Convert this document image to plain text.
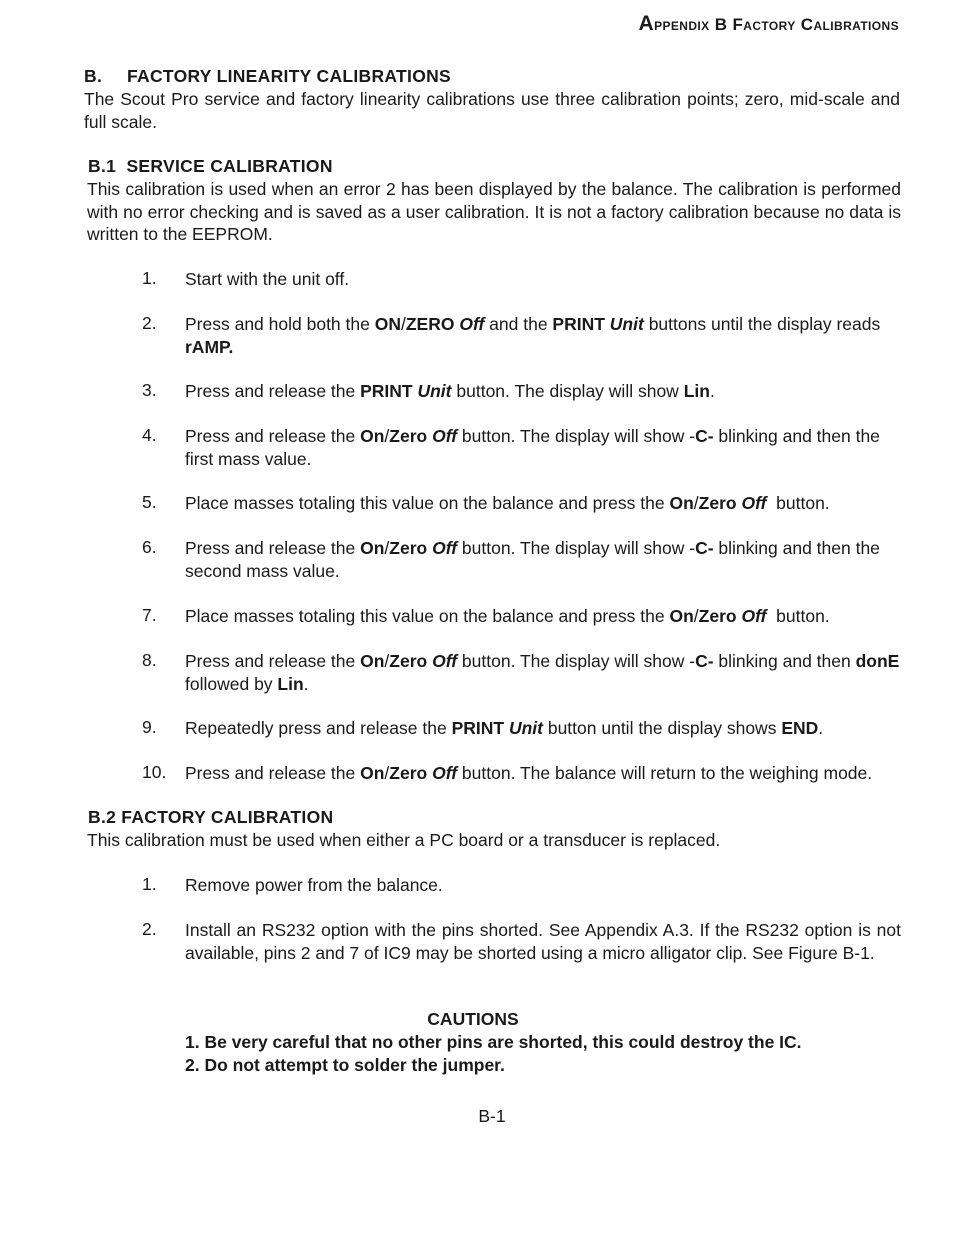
Appendix B Factory Calibrations
B. FACTORY LINEARITY CALIBRATIONS
The Scout Pro service and factory linearity calibrations use three calibration points; zero, mid-scale and full scale.
B.1  SERVICE CALIBRATION
This calibration is used when an error 2 has been displayed by the balance. The calibration is performed with no error checking and is saved as a user calibration. It is not a factory calibration because no data is written to the EEPROM.
1.	Start with the unit off.
2.	Press and hold both the ON/ZERO Off and the PRINT Unit buttons until the display reads rAMP.
3.	Press and release the PRINT Unit button. The display will show Lin.
4.	Press and release the On/Zero Off button. The display will show -C- blinking and then the first mass value.
5.	Place masses totaling this value on the balance and press the On/Zero Off  button.
6.	Press and release the On/Zero Off button. The display will show -C- blinking and then the second mass value.
7.	Place masses totaling this value on the balance and press the On/Zero Off  button.
8.	Press and release the On/Zero Off button. The display will show -C- blinking and then donE followed by Lin.
9.	Repeatedly press and release the PRINT Unit button until the display shows END.
10.	Press and release the On/Zero Off button. The balance will return to the weighing mode.
B.2 FACTORY CALIBRATION
This calibration must be used when either a PC board or a transducer is replaced.
1.	Remove power from the balance.
2.	Install an RS232 option with the pins shorted. See Appendix A.3. If the RS232 option is not available, pins 2 and 7 of IC9 may be shorted using a micro alligator clip. See Figure B-1.
CAUTIONS
1. Be very careful that no other pins are shorted, this could destroy the IC.
2. Do not attempt to solder the jumper.
B-1
